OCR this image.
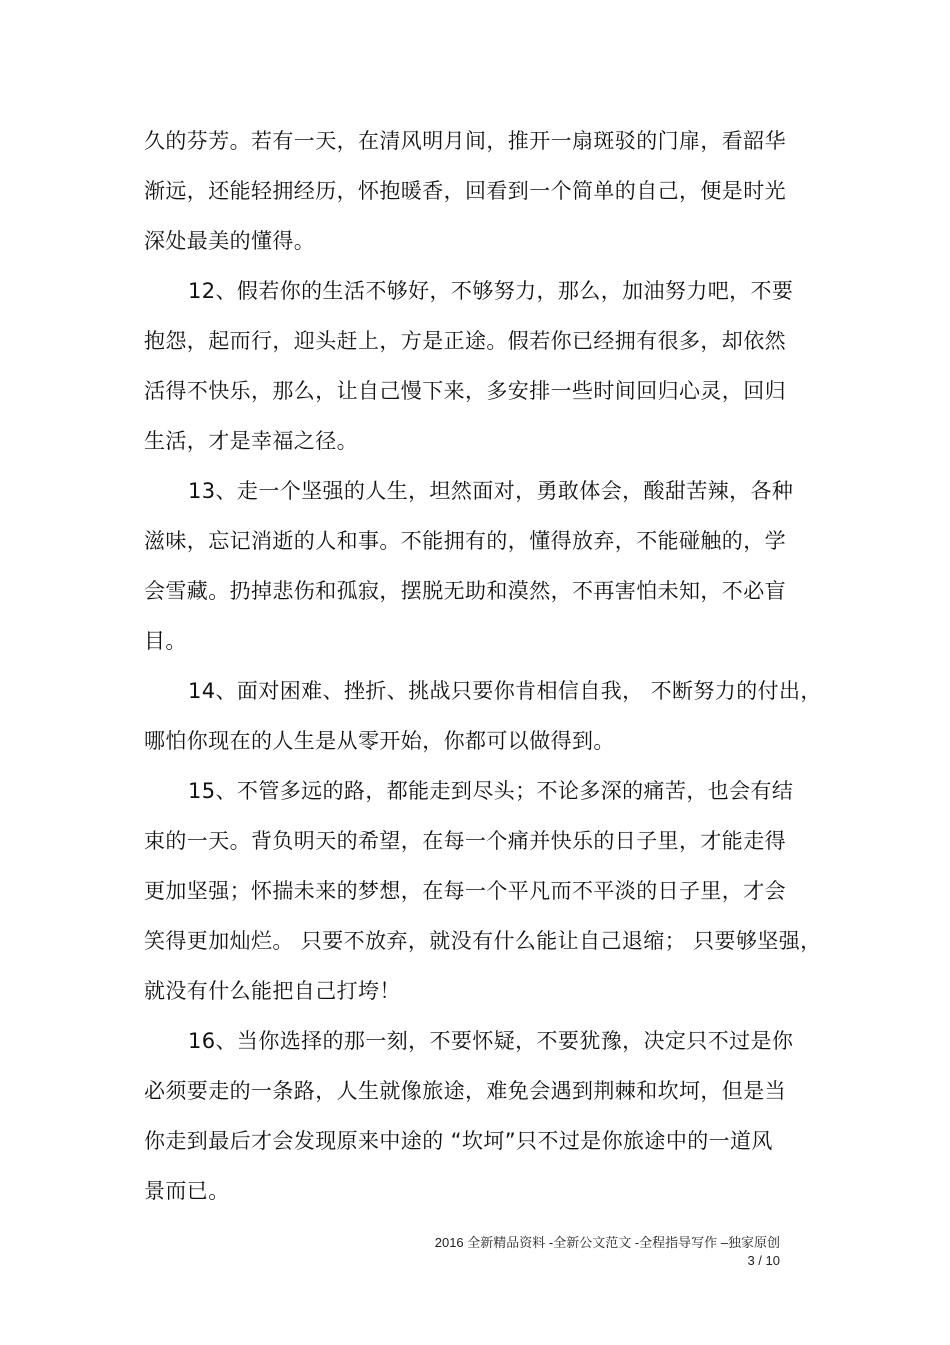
久的芬芳。若有一天，在清风明月间，推开一扇斑驳的门扉，看韶华
渐远，还能轻拥经历，怀抱暖香，回看到一个简单的自己，便是时光
深处最美的懂得。
12、假若你的生活不够好，不够努力，那么，加油努力吧，不要
抱怨，起而行，迎头赶上，方是正途。假若你已经拥有很多，却依然
活得不快乐，那么，让自己慢下来，多安排一些时间回归心灵，回归
生活，才是幸福之径。
13、走一个坚强的人生，坦然面对，勇敢体会，酸甜苦辣，各种
滋味，忘记消逝的人和事。不能拥有的，懂得放弃，不能碰触的，学
会雪藏。扔掉悲伤和孤寂，摆脱无助和漠然，不再害怕未知，不必盲
目。
14、面对困难、挫折、挑战只要你肯相信自我， 不断努力的付出，
哪怕你现在的人生是从零开始，你都可以做得到。
15、不管多远的路，都能走到尽头；不论多深的痛苦，也会有结
束的一天。背负明天的希望，在每一个痛并快乐的日子里，才能走得
更加坚强；怀揣未来的梦想，在每一个平凡而不平淡的日子里，才会
笑得更加灿烂。 只要不放弃，就没有什么能让自己退缩； 只要够坚强，
就没有什么能把自己打垮！
16、当你选择的那一刻，不要怀疑，不要犹豫，决定只不过是你
必须要走的一条路，人生就像旅途，难免会遇到荆棘和坎坷，但是当
你走到最后才会发现原来中途的 “坎坷”只不过是你旅途中的一道风
景而已。
2016 全新精品资料 -全新公文范文 -全程指导写作 –独家原创
3 / 10
